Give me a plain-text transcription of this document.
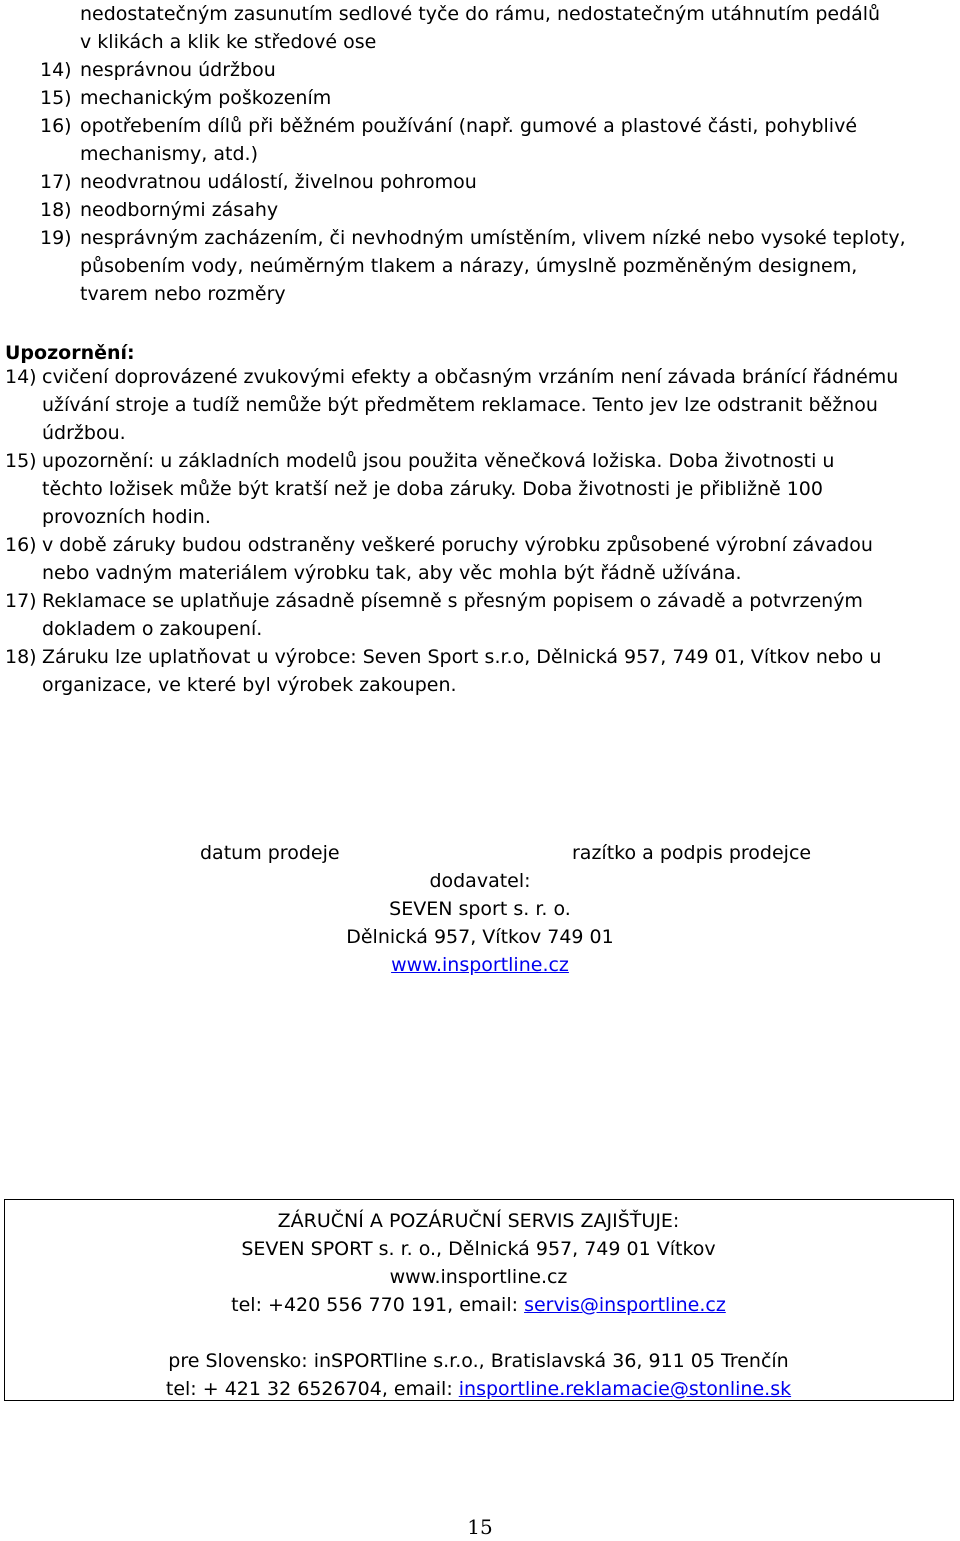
nedostatečným zasunutím sedlové tyče do rámu, nedostatečným utáhnutím pedálů
v klikách a klik ke středové ose
14) nesprávnou údržbou
15) mechanickým poškozením
16) opotřebením dílů při běžném používání (např. gumové a plastové části, pohyblivé
mechanismy, atd.)
17) neodvratnou událostí, živelnou pohromou
18) neodbornými zásahy
19) nesprávným zacházením, či nevhodným umístěním, vlivem nízké nebo vysoké teploty,
působením vody, neúměrným tlakem a nárazy, úmyslně pozměněným designem,
tvarem nebo rozměry
Upozornění:
14) cvičení doprovázené zvukovými efekty a občasným vrzáním není závada bránící řádnému
užívání stroje a tudíž nemůže být předmětem reklamace. Tento jev lze odstranit běžnou
údržbou.
15) upozornění: u základních modelů jsou použita věnečková ložiska. Doba životnosti u
těchto ložisek může být kratší než je doba záruky. Doba životnosti je přibližně 100
provozních hodin.
16) v době záruky budou odstraněny veškeré poruchy výrobku způsobené výrobní závadou
nebo vadným materiálem výrobku tak, aby věc mohla být řádně užívána.
17) Reklamace se uplatňuje zásadně písemně s přesným popisem o závadě a potvrzeným
dokladem o zakoupení.
18) Záruku lze uplatňovat u výrobce: Seven Sport s.r.o, Dělnická 957, 749 01, Vítkov nebo u
organizace, ve které byl výrobek zakoupen.
datum prodeje	razítko a podpis prodejce
dodavatel:
SEVEN sport s. r. o.
Dělnická 957, Vítkov 749 01
www.insportline.cz
ZÁRUČNÍ A POZÁRUČNÍ SERVIS ZAJIŠŤUJE:
SEVEN SPORT s. r. o., Dělnická 957, 749 01 Vítkov
www.insportline.cz
tel: +420 556 770 191, email: servis@insportline.cz
pre Slovensko: inSPORTline s.r.o., Bratislavská 36, 911 05 Trenčín
tel: + 421 32 6526704, email: insportline.reklamacie@stonline.sk
15
